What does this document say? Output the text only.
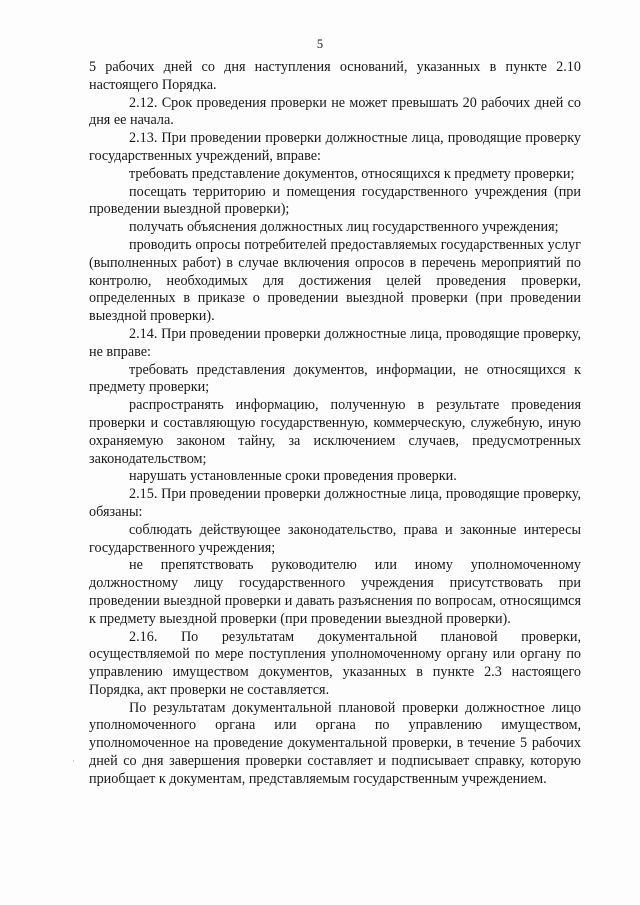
5
·

5 рабочих дней со дня наступления оснований, указанных в пункте 2.10 настоящего Порядка.

2.12. Срок проведения проверки не может превышать 20 рабочих дней со дня ее начала.

2.13. При проведении проверки должностные лица, проводящие проверку государственных учреждений, вправе:

требовать представление документов, относящихся к предмету проверки;

посещать территорию и помещения государственного учреждения (при проведении выездной проверки);

получать объяснения должностных лиц государственного учреждения;

проводить опросы потребителей предоставляемых государственных услуг (выполненных работ) в случае включения опросов в перечень мероприятий по контролю, необходимых для достижения целей проведения проверки, определенных в приказе о проведении выездной проверки (при проведении выездной проверки).

2.14. При проведении проверки должностные лица, проводящие проверку, не вправе:

требовать представления документов, информации, не относящихся к предмету проверки;

распространять информацию, полученную в результате проведения проверки и составляющую государственную, коммерческую, служебную, иную охраняемую законом тайну, за исключением случаев, предусмотренных законодательством;

нарушать установленные сроки проведения проверки.

2.15. При проведении проверки должностные лица, проводящие проверку, обязаны:

соблюдать действующее законодательство, права и законные интересы государственного учреждения;

не препятствовать руководителю или иному уполномоченному должностному лицу государственного учреждения присутствовать при проведении выездной проверки и давать разъяснения по вопросам, относящимся к предмету выездной проверки (при проведении выездной проверки).

2.16. По результатам документальной плановой проверки, осуществляемой по мере поступления уполномоченному органу или органу по управлению имуществом документов, указанных в пункте 2.3 настоящего Порядка, акт проверки не составляется.

По результатам документальной плановой проверки должностное лицо уполномоченного органа или органа по управлению имуществом, уполномоченное на проведение документальной проверки, в течение 5 рабочих дней со дня завершения проверки составляет и подписывает справку, которую приобщает к документам, представляемым государственным учреждением.
